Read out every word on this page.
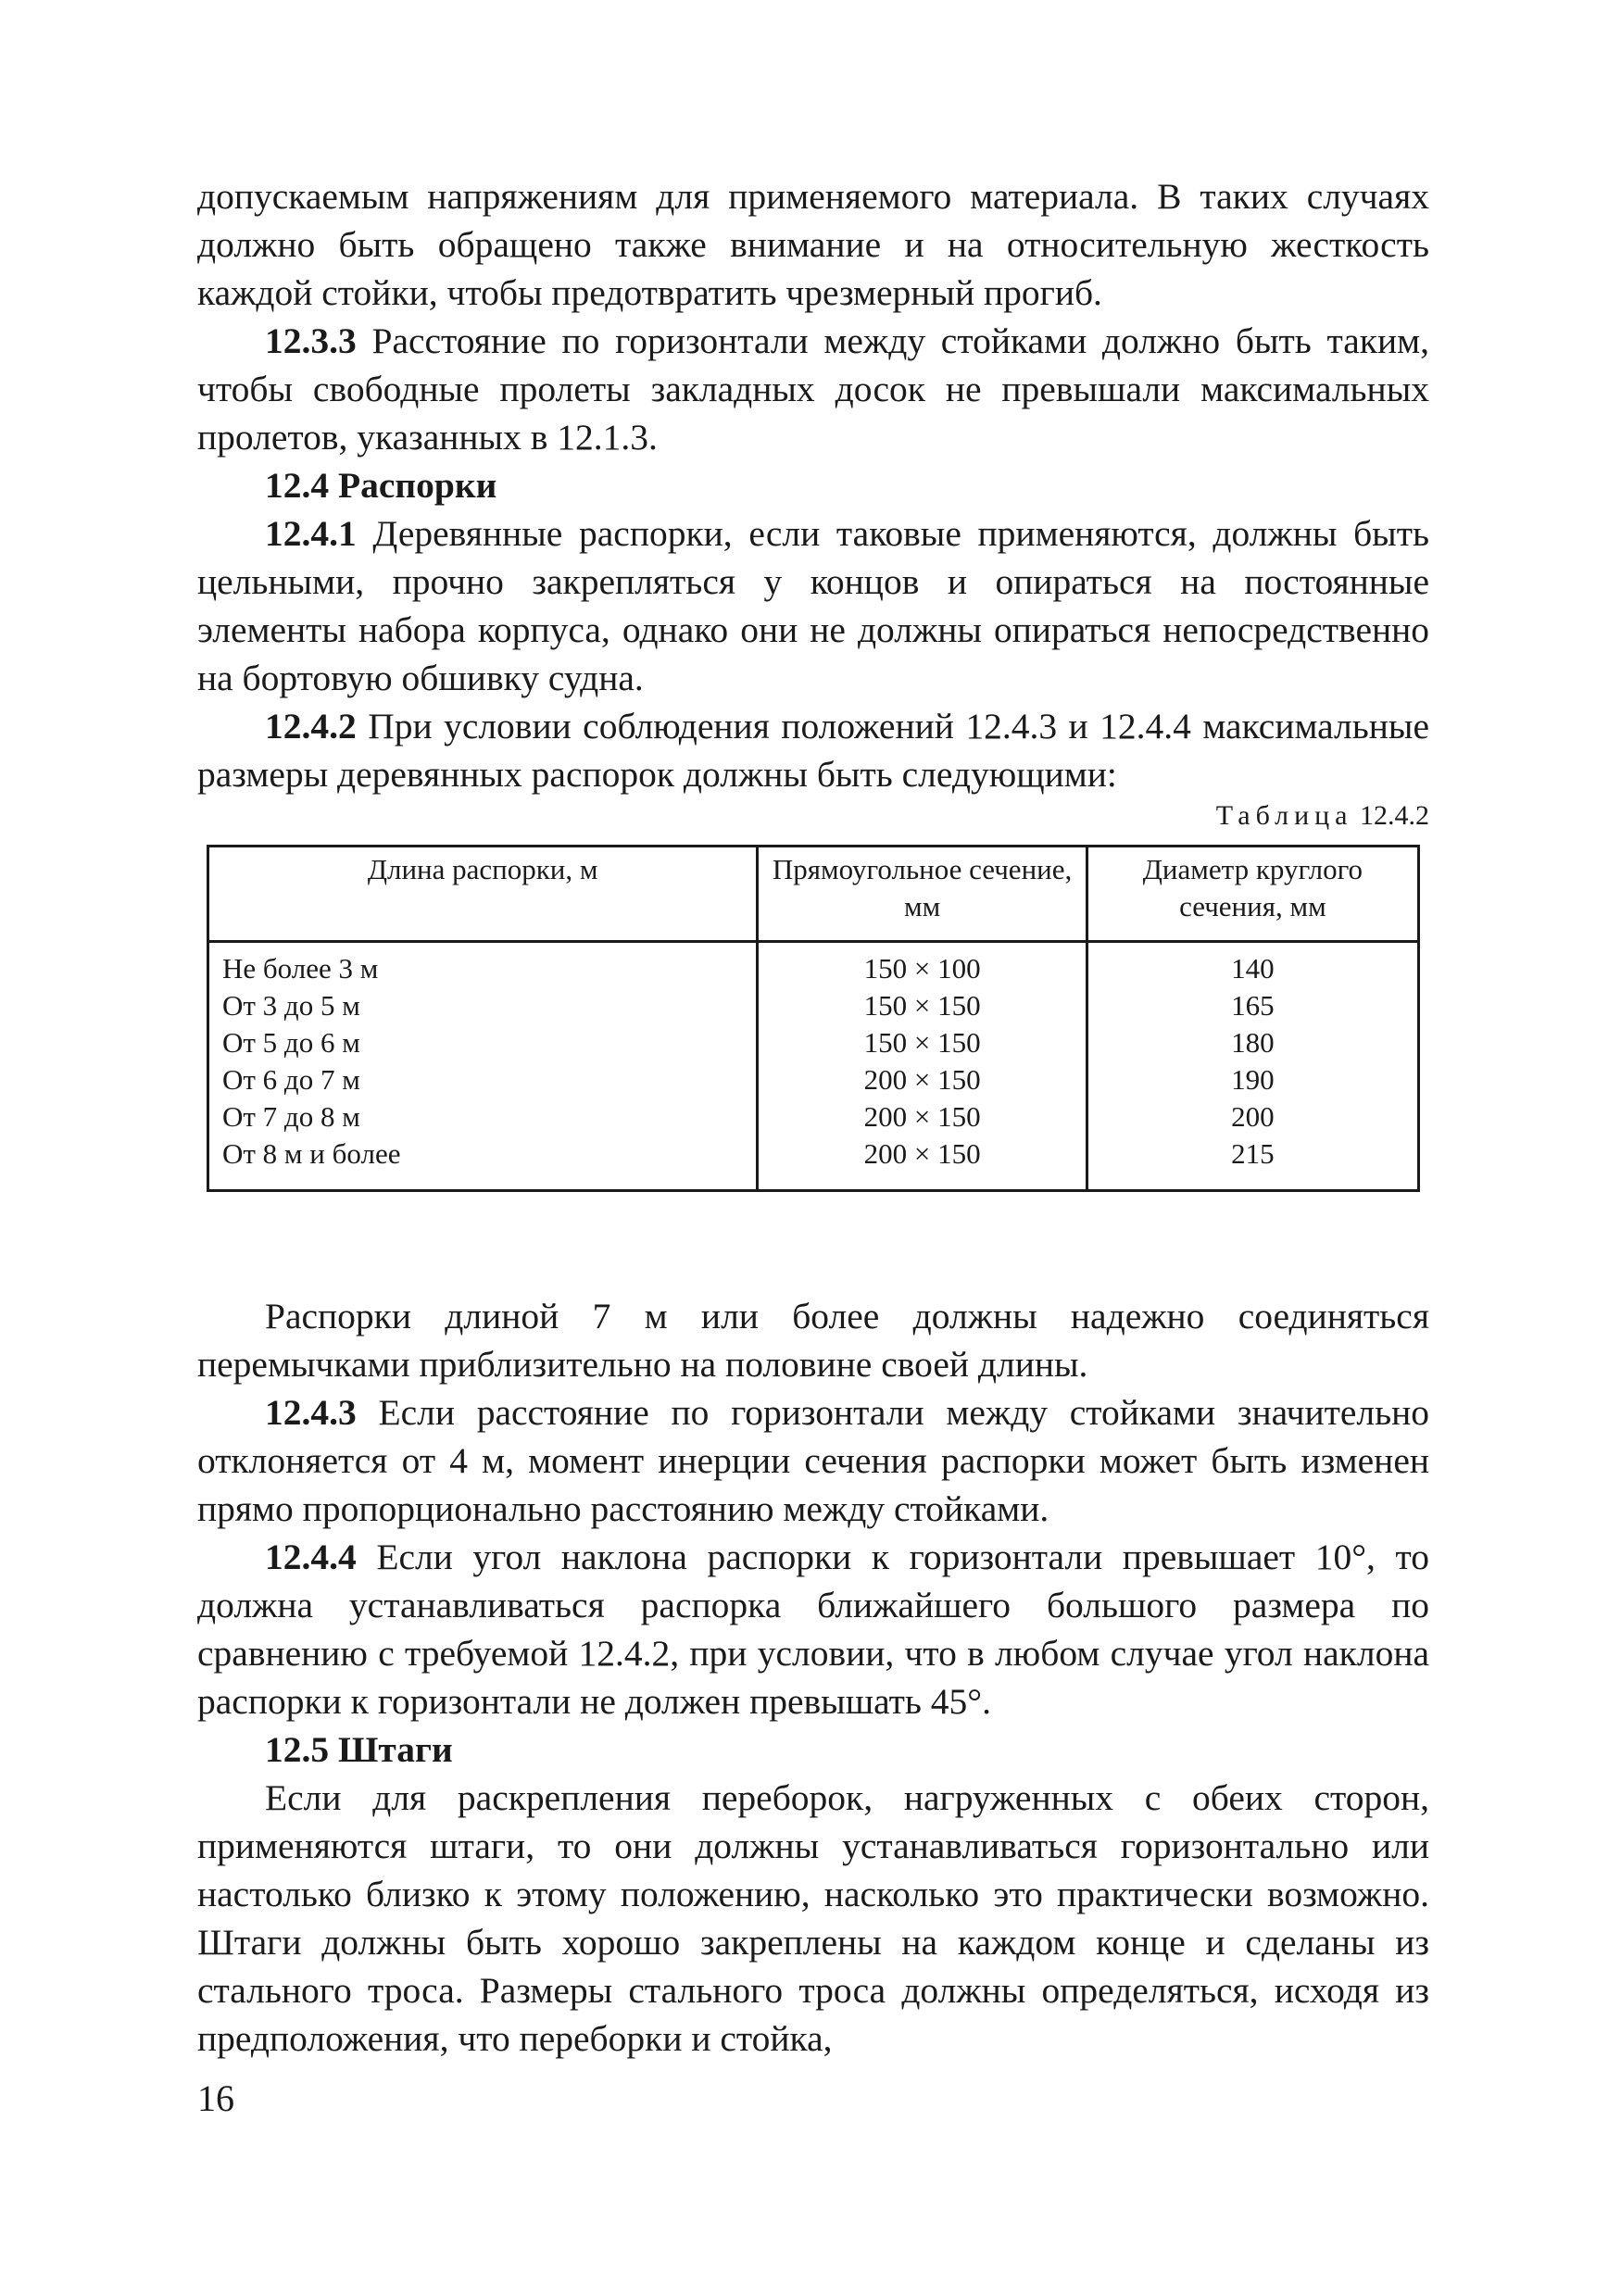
допускаемым напряжениям для применяемого материала. В таких случаях должно быть обращено также внимание и на относительную жесткость каждой стойки, чтобы предотвратить чрезмерный прогиб.

12.3.3 Расстояние по горизонтали между стойками должно быть таким, чтобы свободные пролеты закладных досок не превышали максимальных пролетов, указанных в 12.1.3.

12.4 Распорки

12.4.1 Деревянные распорки, если таковые применяются, должны быть цельными, прочно закрепляться у концов и опираться на постоянные элементы набора корпуса, однако они не должны опираться непосредственно на бортовую обшивку судна.

12.4.2 При условии соблюдения положений 12.4.3 и 12.4.4 максимальные размеры деревянных распорок должны быть следующими:

Таблица 12.4.2
Длина распорки, м	Прямоугольное сечение, мм	Диаметр круглого сечения, мм
Не более 3 м	150 × 100	140
От 3 до 5 м	150 × 150	165
От 5 до 6 м	150 × 150	180
От 6 до 7 м	200 × 150	190
От 7 до 8 м	200 × 150	200
От 8 м и более	200 × 150	215

Распорки длиной 7 м или более должны надежно соединяться перемычками приблизительно на половине своей длины.

12.4.3 Если расстояние по горизонтали между стойками значительно отклоняется от 4 м, момент инерции сечения распорки может быть изменен прямо пропорционально расстоянию между стойками.

12.4.4 Если угол наклона распорки к горизонтали превышает 10°, то должна устанавливаться распорка ближайшего большого размера по сравнению с требуемой 12.4.2, при условии, что в любом случае угол наклона распорки к горизонтали не должен превышать 45°.

12.5 Штаги

Если для раскрепления переборок, нагруженных с обеих сторон, применяются штаги, то они должны устанавливаться горизонтально или настолько близко к этому положению, насколько это практически возможно. Штаги должны быть хорошо закреплены на каждом конце и сделаны из стального троса. Размеры стального троса должны определяться, исходя из предположения, что переборки и стойка,

16
